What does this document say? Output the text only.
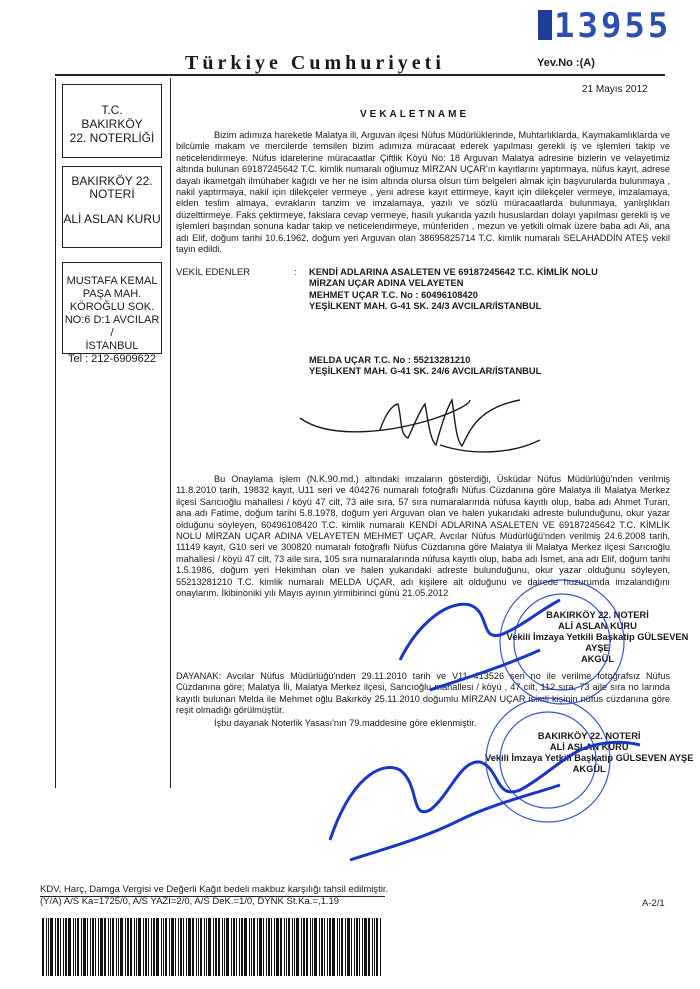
13955
Türkiye Cumhuriyeti	Yev.No :(A)
T.C.
BAKIRKÖY
22. NOTERLİĞİ
BAKIRKÖY 22.
NOTERİ
ALİ ASLAN KURU
MUSTAFA KEMAL
PAŞA MAH.
KÖROĞLU SOK.
NO:6 D:1 AVCILAR /
İSTANBUL
Tel : 212-6909622
21 Mayıs 2012
VEKALETNAME
Bizim adımıza hareketle Malatya ili, Arguvan ilçesi Nüfus Müdürlüklerinde, Muhtarlıklarda, Kaymakamlıklarda ve bilcümle makam ve mercilerde temsilen bizim adımıza müracaat ederek yapılması gerekli iş ve işlemleri takip ve neticelendirmeye. Nüfus idarelerine müracaatlar Çiftlik Köyü No: 18 Arguvan Malatya adresine bizlerin ve velayetimiz altında bulunan 69187245642 T.C. kimlik numaralı oğlumuz MİRZAN UÇAR'ın kayıtlarını yaptırmaya, nüfus kayıt, adrese dayalı ikametgah ilmühaber kağıdı ve her ne isim altında olursa olsun tüm belgeleri almak için başvurularda bulunmaya , nakil yaptırmaya, nakil için dilekçeler vermeye , yeni adrese kayıt ettirmeye, kayıt için dilekçeler vermeye, imzalamaya, elden teslim almaya, evrakların tanzim ve imzalamaya, yazılı ve sözlü müracaatlarda bulunmaya, yanlışlıkları düzelttirmeye. Faks çektirmeye, fakslara cevap vermeye, hasılı yukarıda yazılı hususlardan dolayı yapılması gerekli iş ve işlemleri başından sonuna kadar takip ve neticelendirmeye, münferiden , mezun ve yetkili olmak üzere baba adı Ali, ana adı Elif, doğum tarihi 10.6.1962, doğum yeri Arguvan olan 38695825714 T.C. kimlik numaralı SELAHADDİN ATEŞ vekil tayin edildi.
VEKİL EDENLER	: KENDİ ADLARINA ASALETEN VE 69187245642 T.C. KİMLİK NOLU
MİRZAN UÇAR ADINA VELAYETEN
MEHMET UÇAR T.C. No : 60496108420
YEŞİLKENT MAH. G-41 SK. 24/3 AVCILAR/İSTANBUL
MELDA UÇAR T.C. No : 55213281210
YEŞİLKENT MAH. G-41 SK. 24/6 AVCILAR/İSTANBUL
Bu Onaylama işlem (N.K.90.md.) altındaki imzaların gösterdiği, Üsküdar Nüfus Müdürlüğü'nden verilmiş 11.8.2010 tarih, 19832 kayıt, U11 seri ve 404276 numaralı fotoğraflı Nüfus Cüzdanına göre Malatya ili Malatya Merkez ilçesi Sarıcıoğlu mahallesi / köyü 47 cilt, 73 aile sıra, 57 sıra numaralarında nüfusa kayıtlı olup, baba adı Ahmet Turan, ana adı Fatime, doğum tarihi 5.8.1978, doğum yeri Arguvan olan ve halen yukarıdaki adreste bulunduğunu, okur yazar olduğunu söyleyen, 60496108420 T.C. kimlik numaralı KENDİ ADLARINA ASALETEN VE 69187245642 T.C. KİMLİK NOLU MİRZAN UÇAR ADINA VELAYETEN MEHMET UÇAR, Avcılar Nüfus Müdürlüğü'nden verilmiş 24.6.2008 tarih, 11149 kayıt, G10 seri ve 300820 numaralı fotoğraflı Nüfus Cüzdanına göre Malatya ili Malatya Merkez ilçesi Sarıcıoğlu mahallesi / köyü 47 cilt, 73 aile sıra, 105 sıra numaralarında nüfusa kayıtlı olup, baba adı İsmet, ana adı Elif, doğum tarihi 1.5.1986, doğum yeri Hekimhan olan ve halen yukarıdaki adreste bulunduğunu, okur yazar olduğunu söyleyen, 55213281210 T.C. kimlik numaralı MELDA UÇAR, adı kişilere ait olduğunu ve dairede huzurumda imzalandığını onaylarım. İkibinoniki yılı Mayıs ayının yirmibirinci günü 21.05.2012
BAKIRKÖY 22. NOTERİ
ALİ ASLAN KURU
Vekili İmzaya Yetkili Başkatip GÜLSEVEN AYŞE
AKGÜL
DAYANAK: Avcılar Nüfus Müdürlüğü'nden 29.11.2010 tarih ve V11 413526 seri no ile verilme fotoğrafsız Nüfus Cüzdanına göre; Malatya İli, Malatya Merkez ilçesi, Sarıcıoğlu mahallesi / köyü , 47 cilt, 112 sıra, 73 aile sıra no larında kayıtlı bulunan Melda ile Mehmet oğlu Bakırköy 25.11.2010 doğumlu MİRZAN UÇAR isimli kişinin nüfus cüzdanına göre reşit olmadığı görülmüştür.
İşbu dayanak Noterlik Yasası'nın 79.maddesine göre eklenmiştir.
BAKIRKÖY 22. NOTERİ
ALİ ASLAN KURU
Vekili İmzaya Yetkili Başkatip GÜLSEVEN AYŞE
AKGÜL
KDV, Harç, Damga Vergisi ve Değerli Kağıt bedeli makbuz karşılığı tahsil edilmiştir.
(Y/A) A/S Ka=1725/0, A/S YAZI=2/0, A/S DeK.=1/0, DYNK St.Ka.=,1.19	A-2/1
